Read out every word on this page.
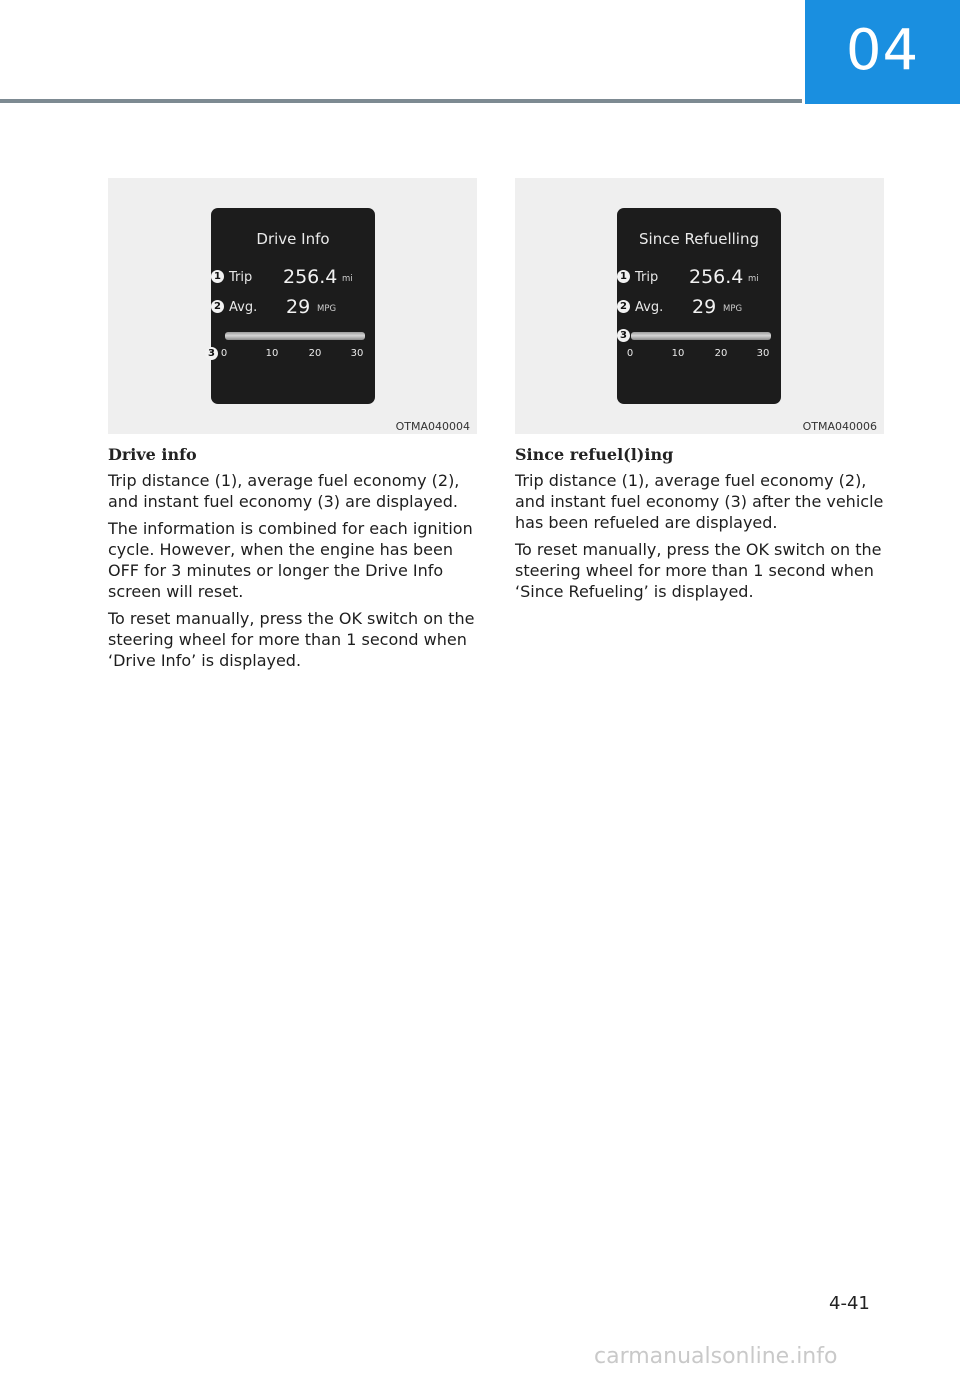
04
Drive Info
Trip 256.4 mi
Avg. 29 MPG
0	10	20	30
1
2
3
OTMA040004
Since Refuelling
Trip 256.4 mi
Avg. 29 MPG
0	10	20	30
1
2
3
OTMA040006
Drive info

Trip distance (1), average fuel economy (2), and instant fuel economy (3) are displayed.

The information is combined for each ignition cycle. However, when the engine has been OFF for 3 minutes or longer the Drive Info screen will reset.

To reset manually, press the OK switch on the steering wheel for more than 1 second when ‘Drive Info’ is displayed.

Since refuel(l)ing

Trip distance (1), average fuel economy (2), and instant fuel economy (3) after the vehicle has been refueled are displayed.

To reset manually, press the OK switch on the steering wheel for more than 1 second when ‘Since Refueling’ is displayed.

4-41
carmanualsonline.info
